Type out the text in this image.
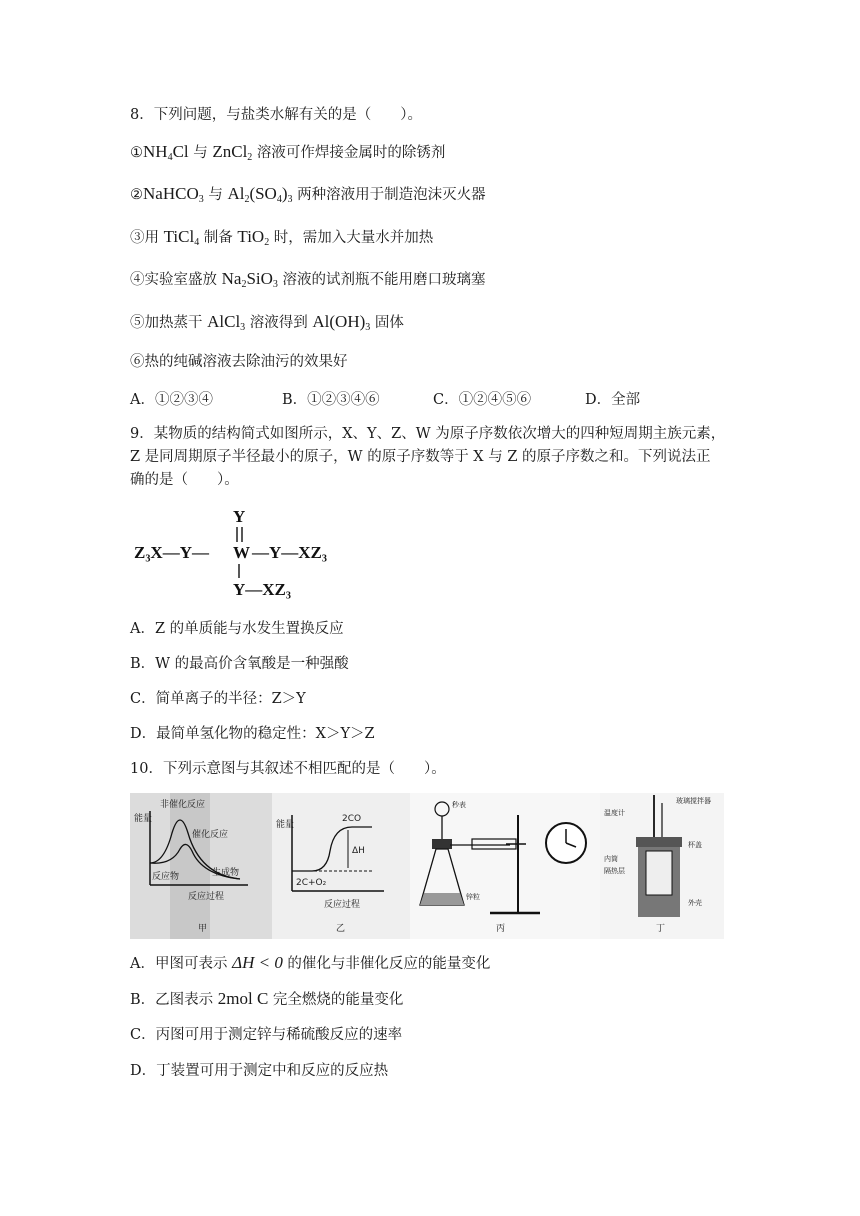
8．下列问题，与盐类水解有关的是（　　）。
$①NH_4Cl$ 与 ZnCl$_2$ 溶液可作焊接金属时的除锈剂
②NaHCO$_3$ 与 $Al_2(SO_4)_3$ 两种溶液用于制造泡沫灭火器
③用 TiCl$_4$ 制备 TiO$_2$ 时，需加入大量水并加热
④实验室盛放 $Na_2SiO_3$ 溶液的试剂瓶不能用磨口玻璃塞
⑤加热蒸干 AlCl$_3$ 溶液得到 $Al(OH)_3$ 固体
⑥热的纯碱溶液去除油污的效果好
A．①②③④	B．①②③④⑥	C．①②④⑤⑥	D．全部
9．某物质的结构简式如图所示，X、Y、Z、W 为原子序数依次增大的四种短周期主族元素，
Z 是同周期原子半径最小的原子，W 的原子序数等于 X 与 Z 的原子序数之和。下列说法正
确的是（　　）。
Y
Z₃X—Y— W —Y—XZ₃
Y—XZ₃
A．Z 的单质能与水发生置换反应
B．W 的最高价含氧酸是一种强酸
C．简单离子的半径：Z＞Y
D．最简单氢化物的稳定性：X＞Y＞Z
10．下列示意图与其叙述不相匹配的是（　　）。
能量
非催化反应
催化反应
反应物	生成物
反应过程
甲
能量
2CO
ΔH
2C+O₂
反应过程
乙
秒表
锌粒
丙
温度计
玻璃搅拌器
内筒
隔热层
杯盖
外壳
丁
A．甲图可表示 ΔH < 0 的催化与非催化反应的能量变化
B．乙图表示 2mol C 完全燃烧的能量变化
C．丙图可用于测定锌与稀硫酸反应的速率
D．丁装置可用于测定中和反应的反应热
